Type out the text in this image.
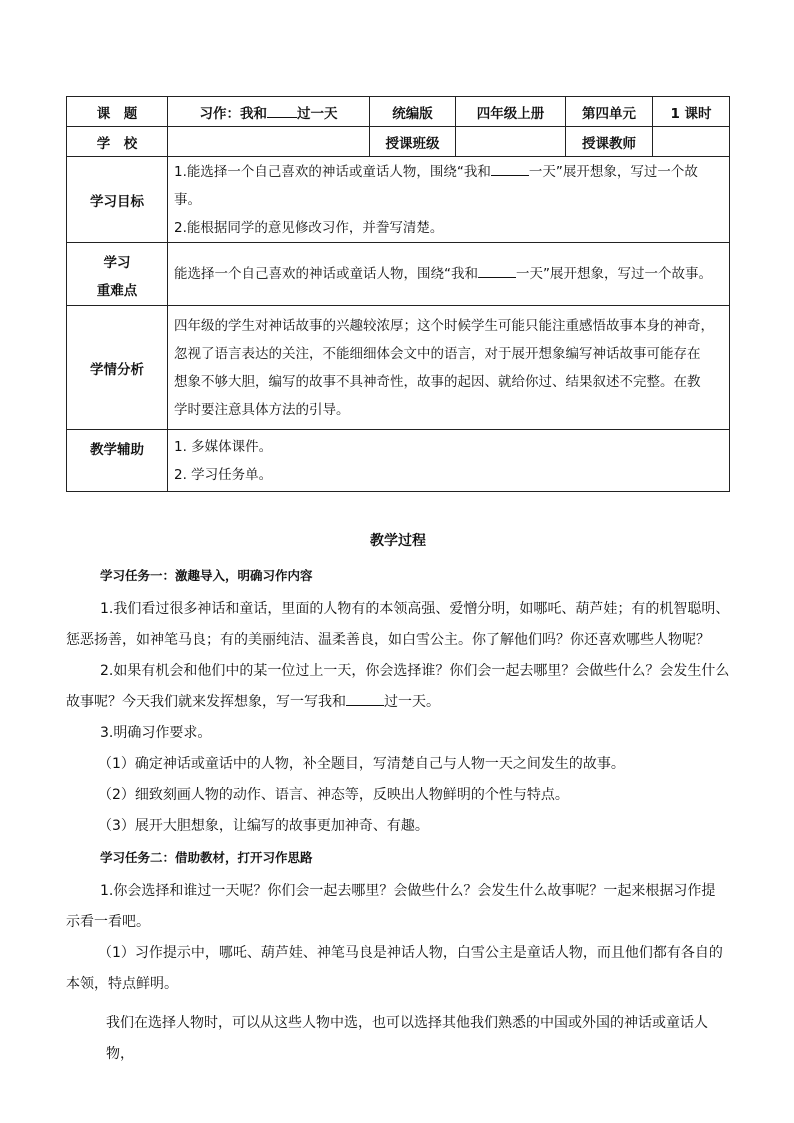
课　题	习作：我和 过一天	统编版	四年级上册	第四单元	1 课时
学　校		授课班级		授课教师	
学习目标	1.能选择一个自己喜欢的神话或童话人物，围绕“我和 一天”展开想象，写过一个故

事。

2.能根据同学的意见修改习作，并誊写清楚。				

学习
重难点	能选择一个自己喜欢的神话或童话人物，围绕“我和 一天”展开想象，写过一个故事。				

学情分析	四年级的学生对神话故事的兴趣较浓厚；这个时候学生可能只能注重感悟故事本身的神奇，

忽视了语言表达的关注，不能细细体会文中的语言，对于展开想象编写神话故事可能存在

想象不够大胆，编写的故事不具神奇性，故事的起因、就给你过、结果叙述不完整。在教

学时要注意具体方法的引导。				

教学辅助	1. 多媒体课件。

2. 学习任务单。				

教学过程
学习任务一：激趣导入，明确习作内容
1.我们看过很多神话和童话，里面的人物有的本领高强、爱憎分明，如哪吒、葫芦娃；有的机智聪明、
惩恶扬善，如神笔马良；有的美丽纯洁、温柔善良，如白雪公主。你了解他们吗？你还喜欢哪些人物呢？
2.如果有机会和他们中的某一位过上一天，你会选择谁？你们会一起去哪里？会做些什么？会发生什么
故事呢？今天我们就来发挥想象，写一写我和	过一天。
3.明确习作要求。
（1）确定神话或童话中的人物，补全题目，写清楚自己与人物一天之间发生的故事。
（2）细致刻画人物的动作、语言、神态等，反映出人物鲜明的个性与特点。
（3）展开大胆想象，让编写的故事更加神奇、有趣。
学习任务二：借助教材，打开习作思路
1.你会选择和谁过一天呢？你们会一起去哪里？会做些什么？会发生什么故事呢？一起来根据习作提
示看一看吧。
（1）习作提示中，哪吒、葫芦娃、神笔马良是神话人物，白雪公主是童话人物，而且他们都有各自的
本领，特点鲜明。
我们在选择人物时，可以从这些人物中选，也可以选择其他我们熟悉的中国或外国的神话或童话人物，
